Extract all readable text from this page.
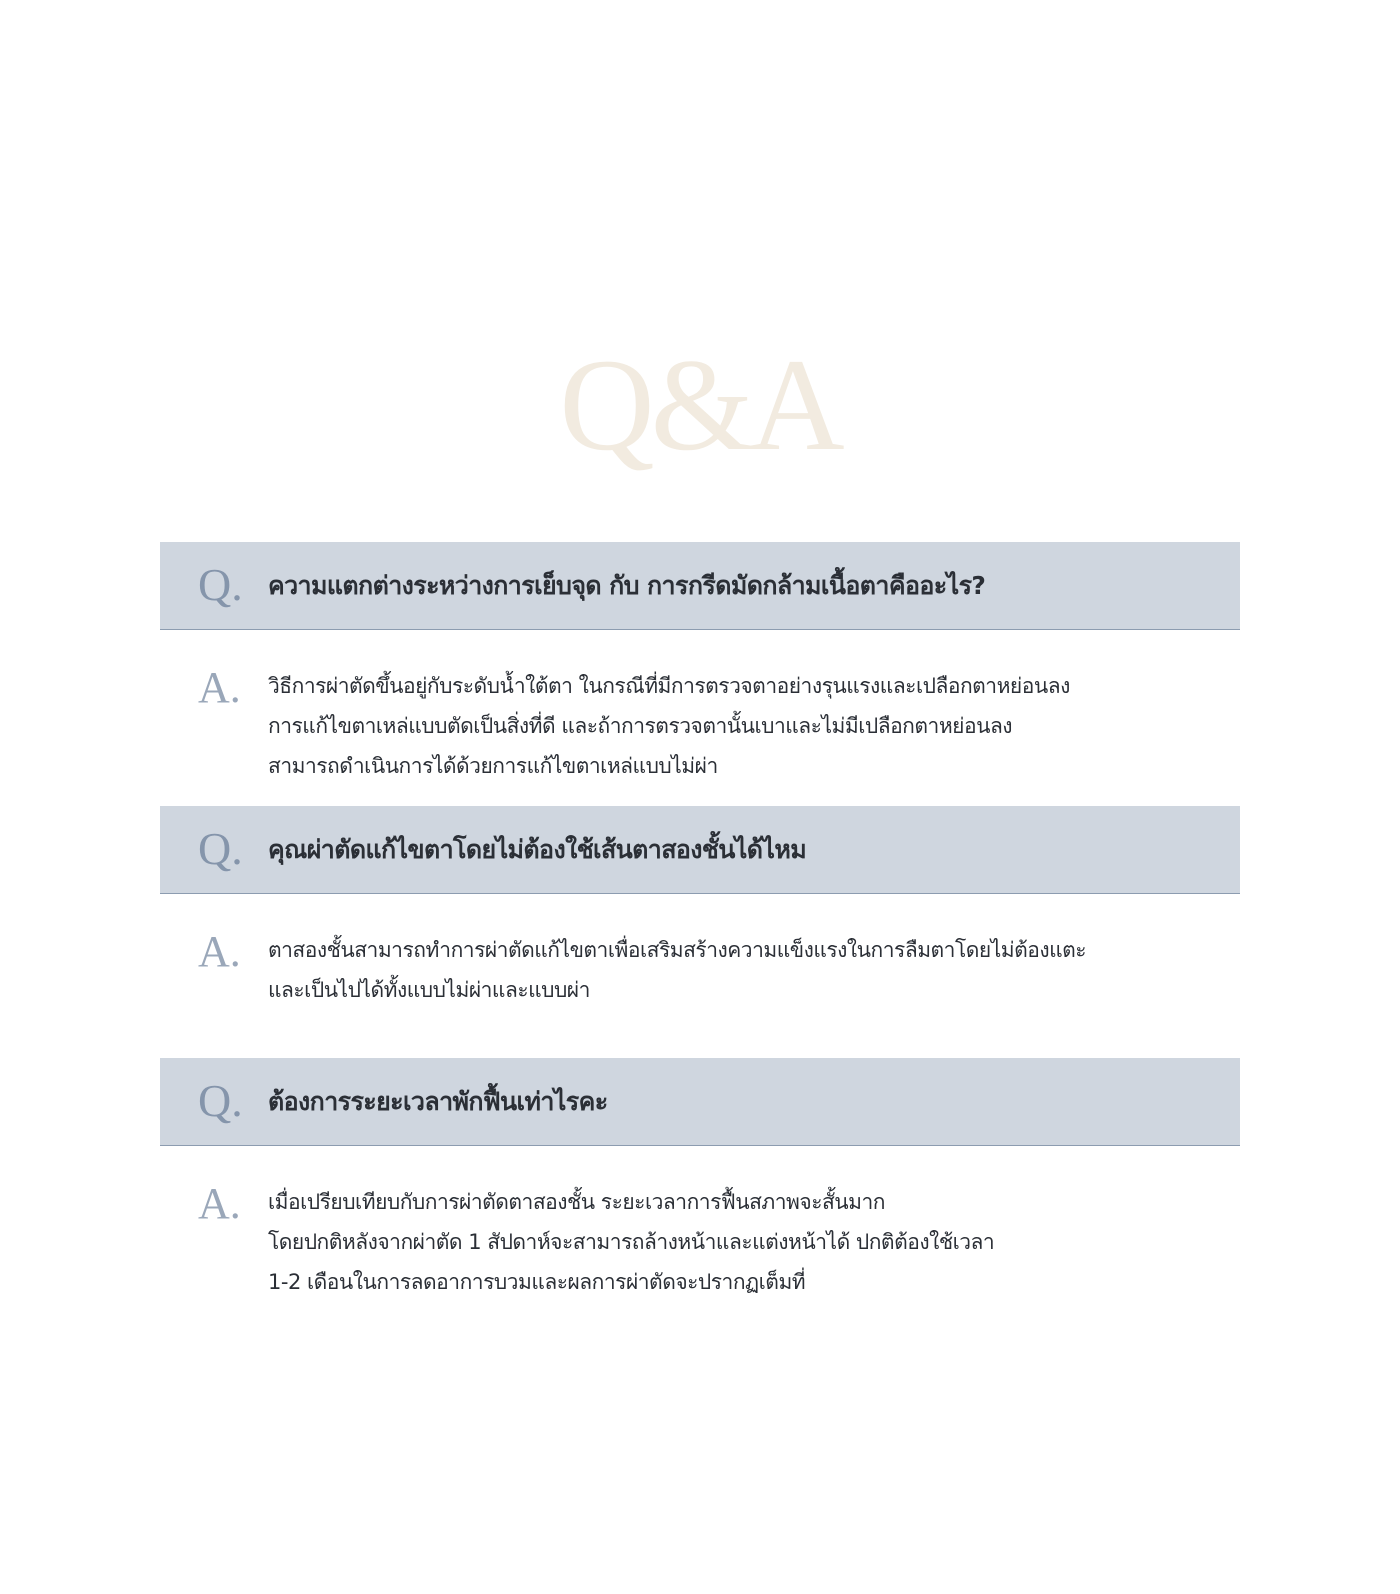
Q&A
Q.	ความแตกต่างระหว่างการเย็บจุด กับ การกรีดมัดกล้ามเนื้อตาคืออะไร?
A.	วิธีการผ่าตัดขึ้นอยู่กับระดับน้ำใต้ตา ในกรณีที่มีการตรวจตาอย่างรุนแรงและเปลือกตาหย่อนลง
การแก้ไขตาเหล่แบบตัดเป็นสิ่งที่ดี และถ้าการตรวจตานั้นเบาและไม่มีเปลือกตาหย่อนลง
สามารถดำเนินการได้ด้วยการแก้ไขตาเหล่แบบไม่ผ่า

Q.	คุณผ่าตัดแก้ไขตาโดยไม่ต้องใช้เส้นตาสองชั้นได้ไหม
A.	ตาสองชั้นสามารถทำการผ่าตัดแก้ไขตาเพื่อเสริมสร้างความแข็งแรงในการลืมตาโดยไม่ต้องแตะ
และเป็นไปได้ทั้งแบบไม่ผ่าและแบบผ่า

Q.	ต้องการระยะเวลาพักฟื้นเท่าไรคะ
A.	เมื่อเปรียบเทียบกับการผ่าตัดตาสองชั้น ระยะเวลาการฟื้นสภาพจะสั้นมาก
โดยปกติหลังจากผ่าตัด 1 สัปดาห์จะสามารถล้างหน้าและแต่งหน้าได้ ปกติต้องใช้เวลา
1-2 เดือนในการลดอาการบวมและผลการผ่าตัดจะปรากฏเต็มที่
